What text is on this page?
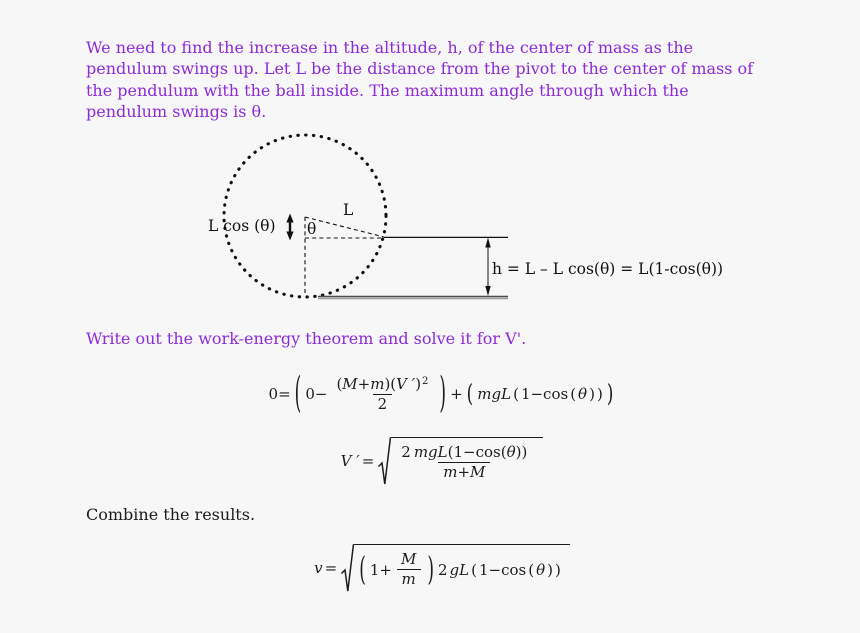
We need to find the increase in the altitude, h, of the center of mass as the
pendulum swings up. Let L be the distance from the pivot to the center of mass of
the pendulum with the ball inside. The maximum angle through which the
pendulum swings is θ.
L cos (θ)
L
θ
h = L – L cos(θ) = L(1-cos(θ))
Write out the work-energy theorem and solve it for V'.
0= ( $0- \frac{(M+m)(V ')^2}{2}$ ) + ( mgL ( 1−cos ( θ ) ) )
V ′ = $\frac{\text{2 mgL(1−cos(θ))}}{m+M}$
Combine the results.
v = ( $1+ \frac{M}{m}$ ) 2 gL ( 1−cos ( θ ) )
